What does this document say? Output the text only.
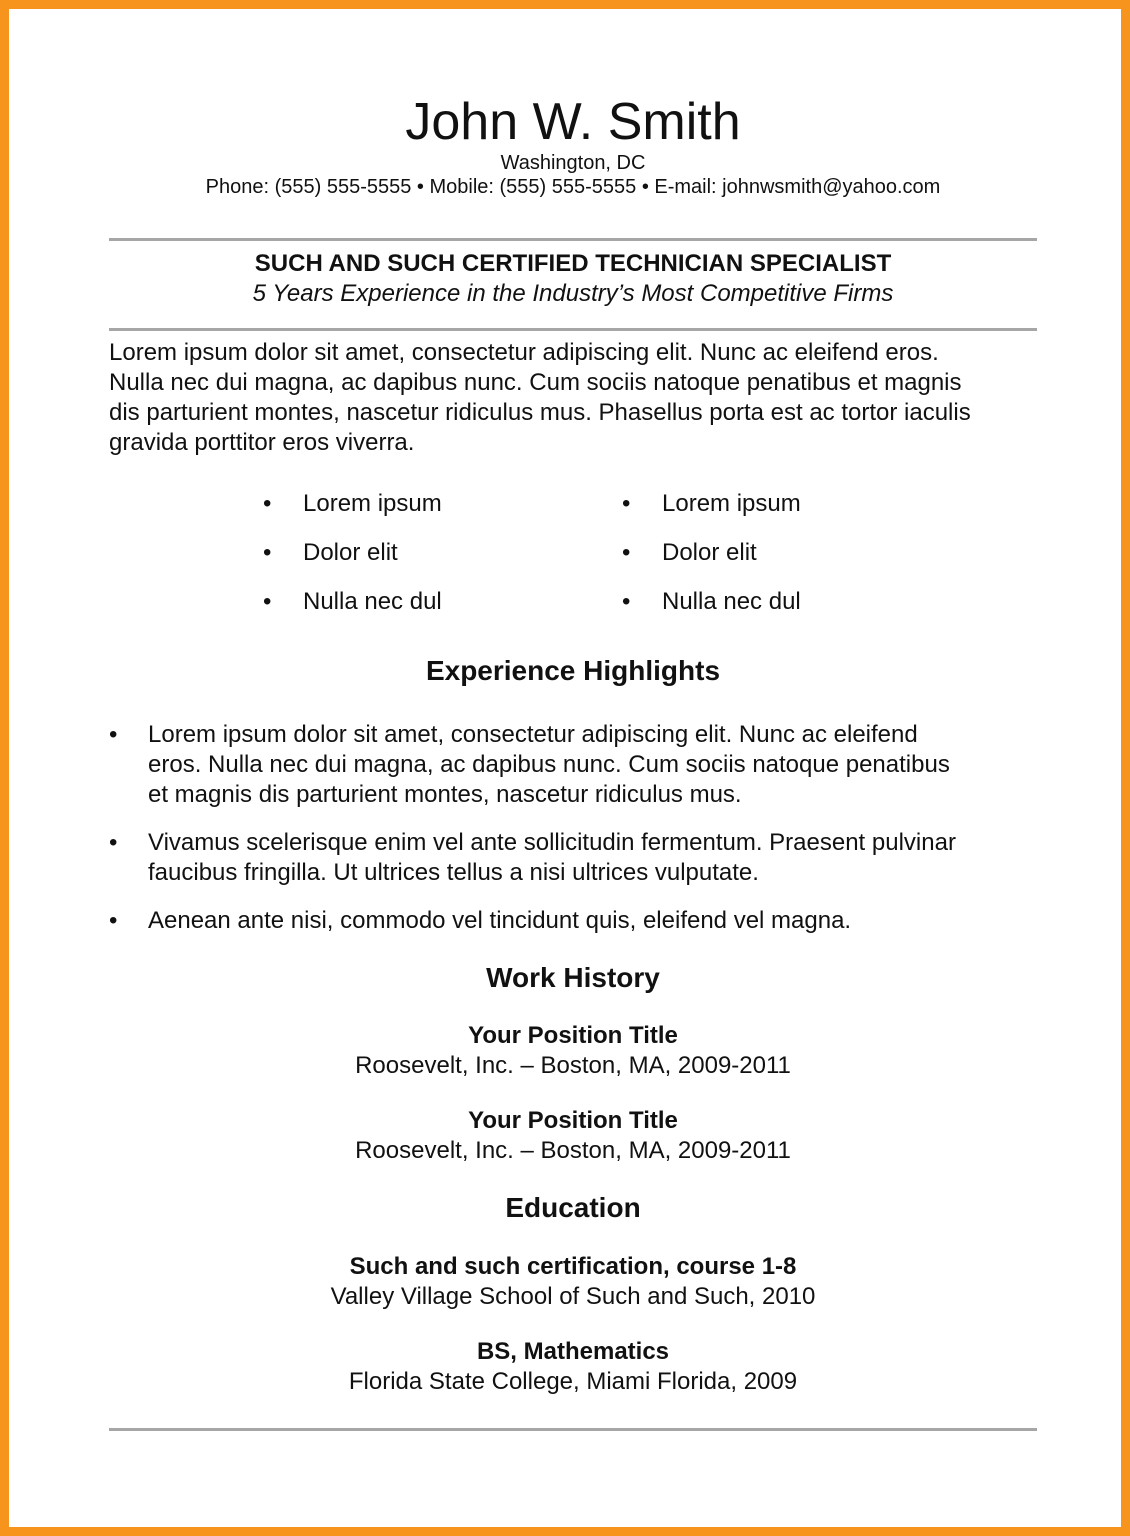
John W. Smith
Washington, DC
Phone: (555) 555-5555 • Mobile: (555) 555-5555 • E-mail: johnwsmith@yahoo.com
SUCH AND SUCH CERTIFIED TECHNICIAN SPECIALIST
5 Years Experience in the Industry’s Most Competitive Firms
Lorem ipsum dolor sit amet, consectetur adipiscing elit. Nunc ac eleifend eros.
Nulla nec dui magna, ac dapibus nunc. Cum sociis natoque penatibus et magnis
dis parturient montes, nascetur ridiculus mus. Phasellus porta est ac tortor iaculis
gravida porttitor eros viverra.
• Lorem ipsum
• Dolor elit
• Nulla nec dul
• Lorem ipsum
• Dolor elit
• Nulla nec dul
Experience Highlights
• Lorem ipsum dolor sit amet, consectetur adipiscing elit. Nunc ac eleifend
eros. Nulla nec dui magna, ac dapibus nunc. Cum sociis natoque penatibus
et magnis dis parturient montes, nascetur ridiculus mus.
• Vivamus scelerisque enim vel ante sollicitudin fermentum. Praesent pulvinar
faucibus fringilla. Ut ultrices tellus a nisi ultrices vulputate.
• Aenean ante nisi, commodo vel tincidunt quis, eleifend vel magna.
Work History
Your Position Title
Roosevelt, Inc. – Boston, MA, 2009-2011
Your Position Title
Roosevelt, Inc. – Boston, MA, 2009-2011
Education
Such and such certification, course 1-8
Valley Village School of Such and Such, 2010
BS, Mathematics
Florida State College, Miami Florida, 2009
